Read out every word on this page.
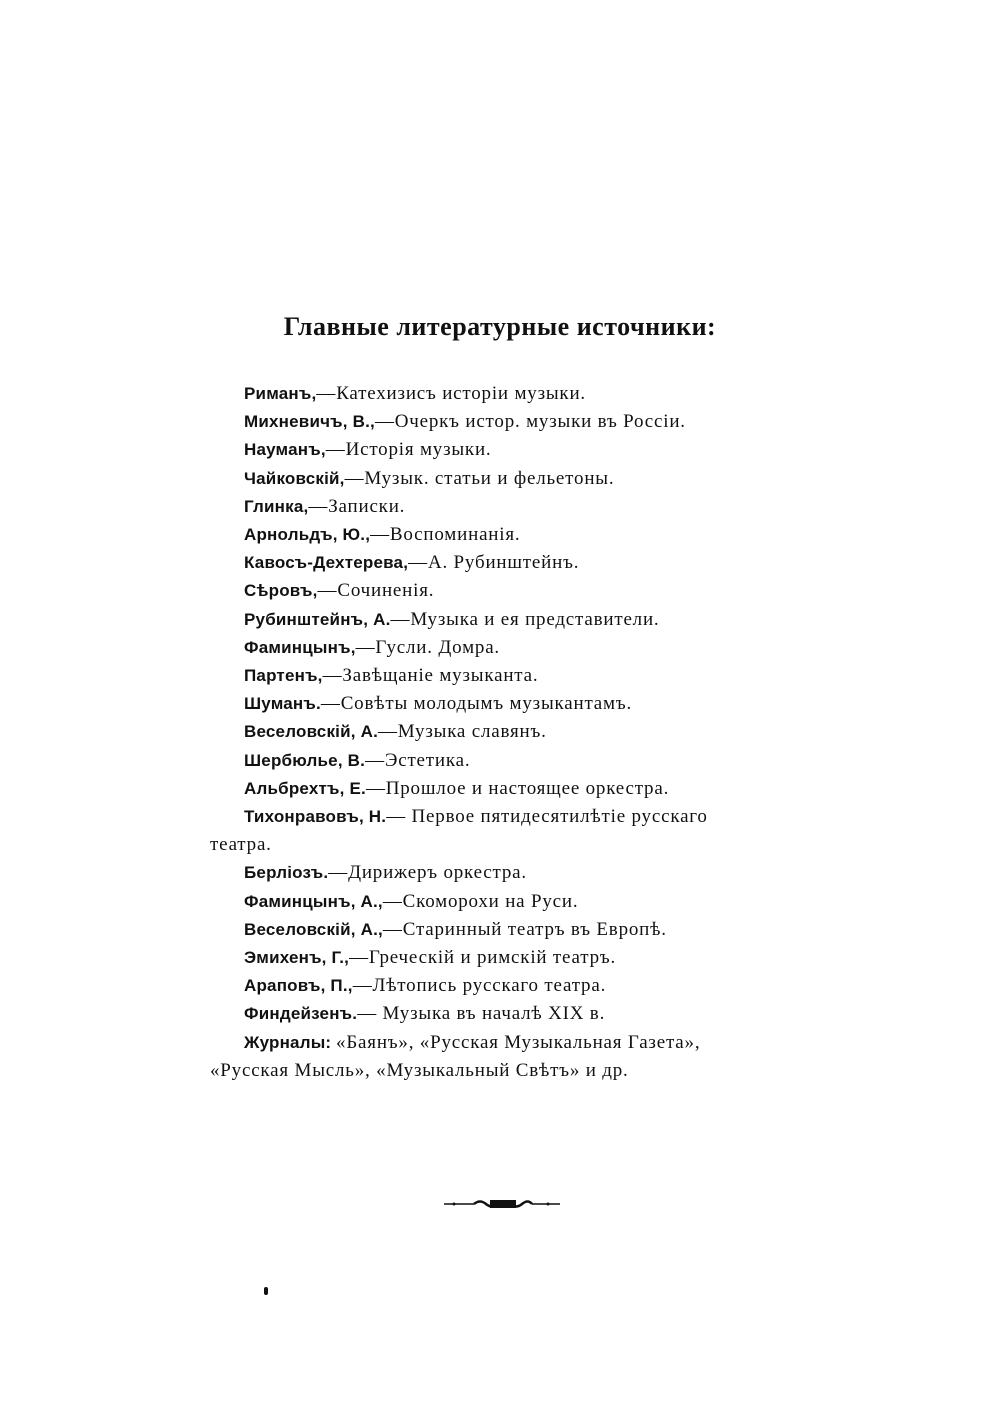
Главные литературные источники:
Риманъ,—Катехизисъ исторіи музыки.
Михневичъ, В.,—Очеркъ истор. музыки въ Россіи.
Науманъ,—Исторія музыки.
Чайковскій,—Музык. статьи и фельетоны.
Глинка,—Записки.
Арнольдъ, Ю.,—Воспоминанія.
Кавосъ-Дехтерева,—А. Рубинштейнъ.
Сѣровъ,—Сочиненія.
Рубинштейнъ, А.—Музыка и ея представители.
Фаминцынъ,—Гусли. Домра.
Партенъ,—Завѣщаніе музыканта.
Шуманъ.—Совѣты молодымъ музыкантамъ.
Веселовскій, А.—Музыка славянъ.
Шербюлье, В.—Эстетика.
Альбрехтъ, Е.—Прошлое и настоящее оркестра.
Тихонравовъ, Н.— Первое пятидесятилѣтіе русскаго
театра.
Берліозъ.—Дирижеръ оркестра.
Фаминцынъ, А.,—Скоморохи на Руси.
Веселовскій, А.,—Старинный театръ въ Европѣ.
Эмихенъ, Г.,—Греческій и римскій театръ.
Араповъ, П.,—Лѣтопись русскаго театра.
Финдейзенъ.— Музыка въ началѣ XIX в.
Журналы: «Баянъ», «Русская Музыкальная Газета»,
«Русская Мысль», «Музыкальный Свѣтъ» и др.
